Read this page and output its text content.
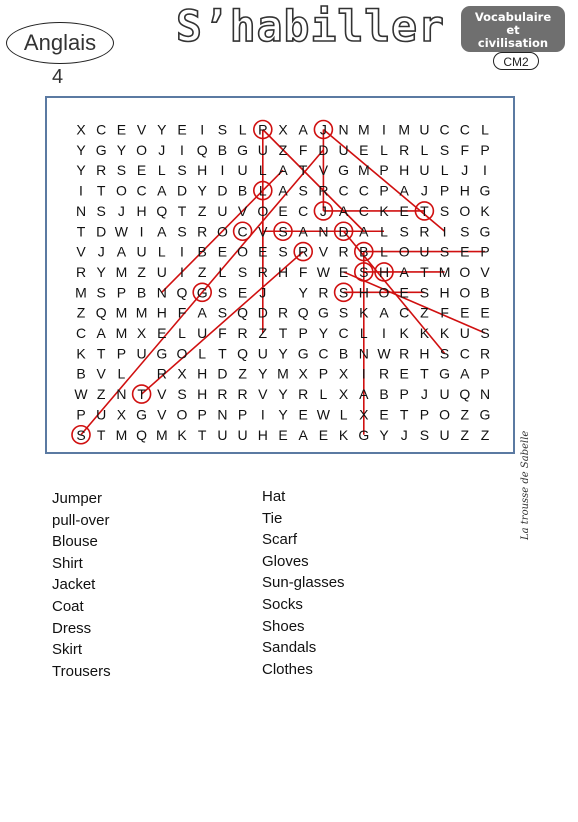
Anglais
4
S’habiller	Vocabulaire
et
civilisation
CM2
La trousse de Sabelle
X C E V Y E I S L P X A J N M I M U C C L
Y G Y O J I Q B G U Z F D U E L R L S F P
Y R S E L S H I U L A T V G M P H U L J I
I T O C A D Y D B L A S R C C P A J P H G
N S J H Q T Z U V O E C J A C K E T S O K
T D W I A S R O C V S A N D A L S R I S G
V J A U L I B E O E S R V R B L O U S E P
R Y M Z U I Z L S R H F W E S H A T M O V
M S P B N Q G S E J Y R S H O E S H O B
Z Q M M H F A S Q D R Q G S K A C Z F E E
C A M X E L U F R Z T P Y C L I K K K U S
K T P U G O L T Q U Y G C B N W R H S C R
B V L R X H D Z Y M X P X I R E T G A P
W Z N T V S H R R V Y R L X A B P J U Q N
P U X G V O P N P I Y E W L X E T P O Z G
S T M Q M K T U U H E A E K G Y J S U Z Z
Jumper
pull-over
Blouse
Shirt
Jacket
Coat
Dress
Skirt
Trousers
Hat
Tie
Scarf
Gloves
Sun-glasses
Socks
Shoes
Sandals
Clothes
